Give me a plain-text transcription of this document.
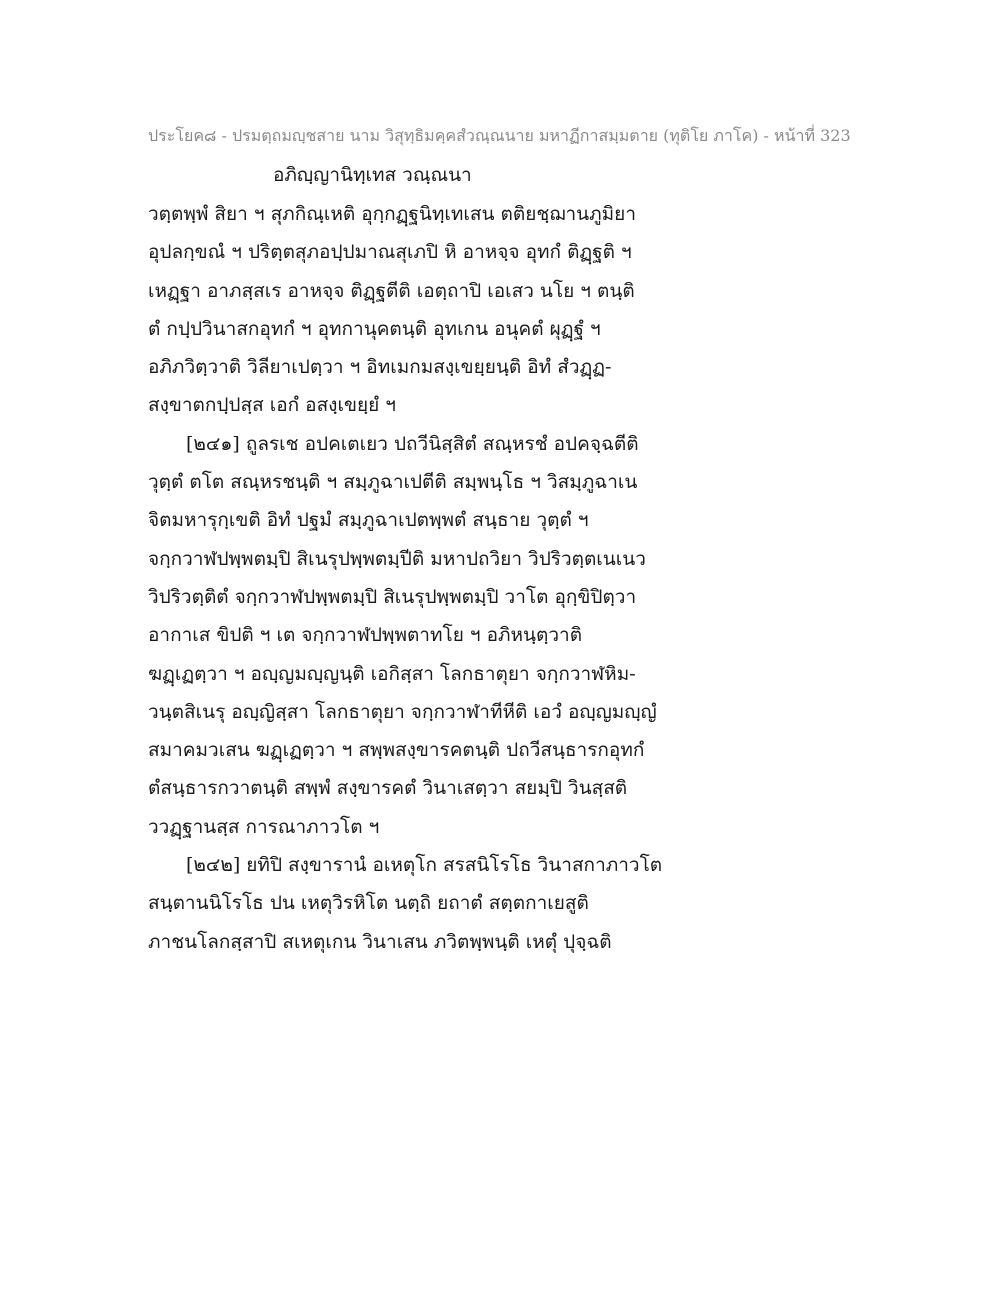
ประโยค๘ - ปรมตฺถมญฺชสาย นาม วิสุทฺธิมคฺคสํวณฺณนาย มหาฏีกาสมฺมตาย (ทุติโย ภาโค) - หน้าที่ 323
อภิญฺญานิทฺเทส วณฺณนา
วตฺตพฺพํ สิยา ฯ สุภกิณฺเหติ อุกฺกฏฺฐนิทฺเทเสน ตติยชฺฌานภูมิยา
อุปลกฺขณํ ฯ ปริตฺตสุภอปฺปมาณสุเภปิ หิ อาหจฺจ อุทกํ ติฏฺฐติ ฯ
เหฏฺฐา อาภสฺสเร อาหจฺจ ติฏฺฐตีติ เอตฺถาปิ เอเสว นโย ฯ ตนฺติ
ตํ กปฺปวินาสกอุทกํ ฯ อุทกานุคตนฺติ อุทเกน อนุคตํ ผุฏฺฐํ ฯ
อภิภวิตฺวาติ วิลียาเปตฺวา ฯ อิทเมกมสงฺเขยฺยนฺติ อิทํ สํวฏฺฏ-
สงฺขาตกปฺปสฺส เอกํ อสงฺเขยฺยํ ฯ
[๒๔๑] ถูลรเช อปคเตเยว ปถวีนิสฺสิตํ สณฺหรชํ อปคจฺฉตีติ
วุตฺตํ ตโต สณฺหรชนฺติ ฯ สมฺภูฉาเปตีติ สมฺพนฺโธ ฯ วิสมฺภูฉาเน
จิตมหารุกฺเขติ อิทํ ปฐมํ สมฺภูฉาเปตพฺพตํ สนฺธาย วุตฺตํ ฯ
จกฺกวาฬปพฺพตมฺปิ สิเนรุปพฺพตมฺปีติ มหาปถวิยา วิปริวตฺตเนเนว
วิปริวตฺติตํ จกฺกวาฬปพฺพตมฺปิ สิเนรุปพฺพตมฺปิ วาโต อุกฺขิปิตฺวา
อากาเส ขิปติ ฯ เต จกฺกวาฬปพฺพตาทโย ฯ อภิหนฺตฺวาติ
ฆฏฺเฏตฺวา ฯ อญฺญมญฺญนฺติ เอกิสฺสา โลกธาตุยา จกฺกวาฬหิม-
วนฺตสิเนรุ อญฺญิสฺสา โลกธาตุยา จกฺกวาฬาทีหีติ เอวํ อญฺญมญฺญํ
สมาคมวเสน ฆฏฺเฏตฺวา ฯ สพฺพสงฺขารคตนฺติ ปถวีสนฺธารกอุทกํ
ตํสนฺธารกวาตนฺติ สพฺพํ สงฺขารคตํ วินาเสตฺวา สยมฺปิ วินสฺสติ
ววฏฺฐานสฺส การณาภาวโต ฯ
[๒๔๒] ยทิปิ สงฺขารานํ อเหตุโก สรสนิโรโธ วินาสกาภาวโต
สนฺตานนิโรโธ ปน เหตุวิรหิโต นตฺถิ ยถาตํ สตฺตกาเยสูติ
ภาชนโลกสฺสาปิ สเหตุเกน วินาเสน ภวิตพฺพนฺติ เหตุํ ปุจฺฉติ
